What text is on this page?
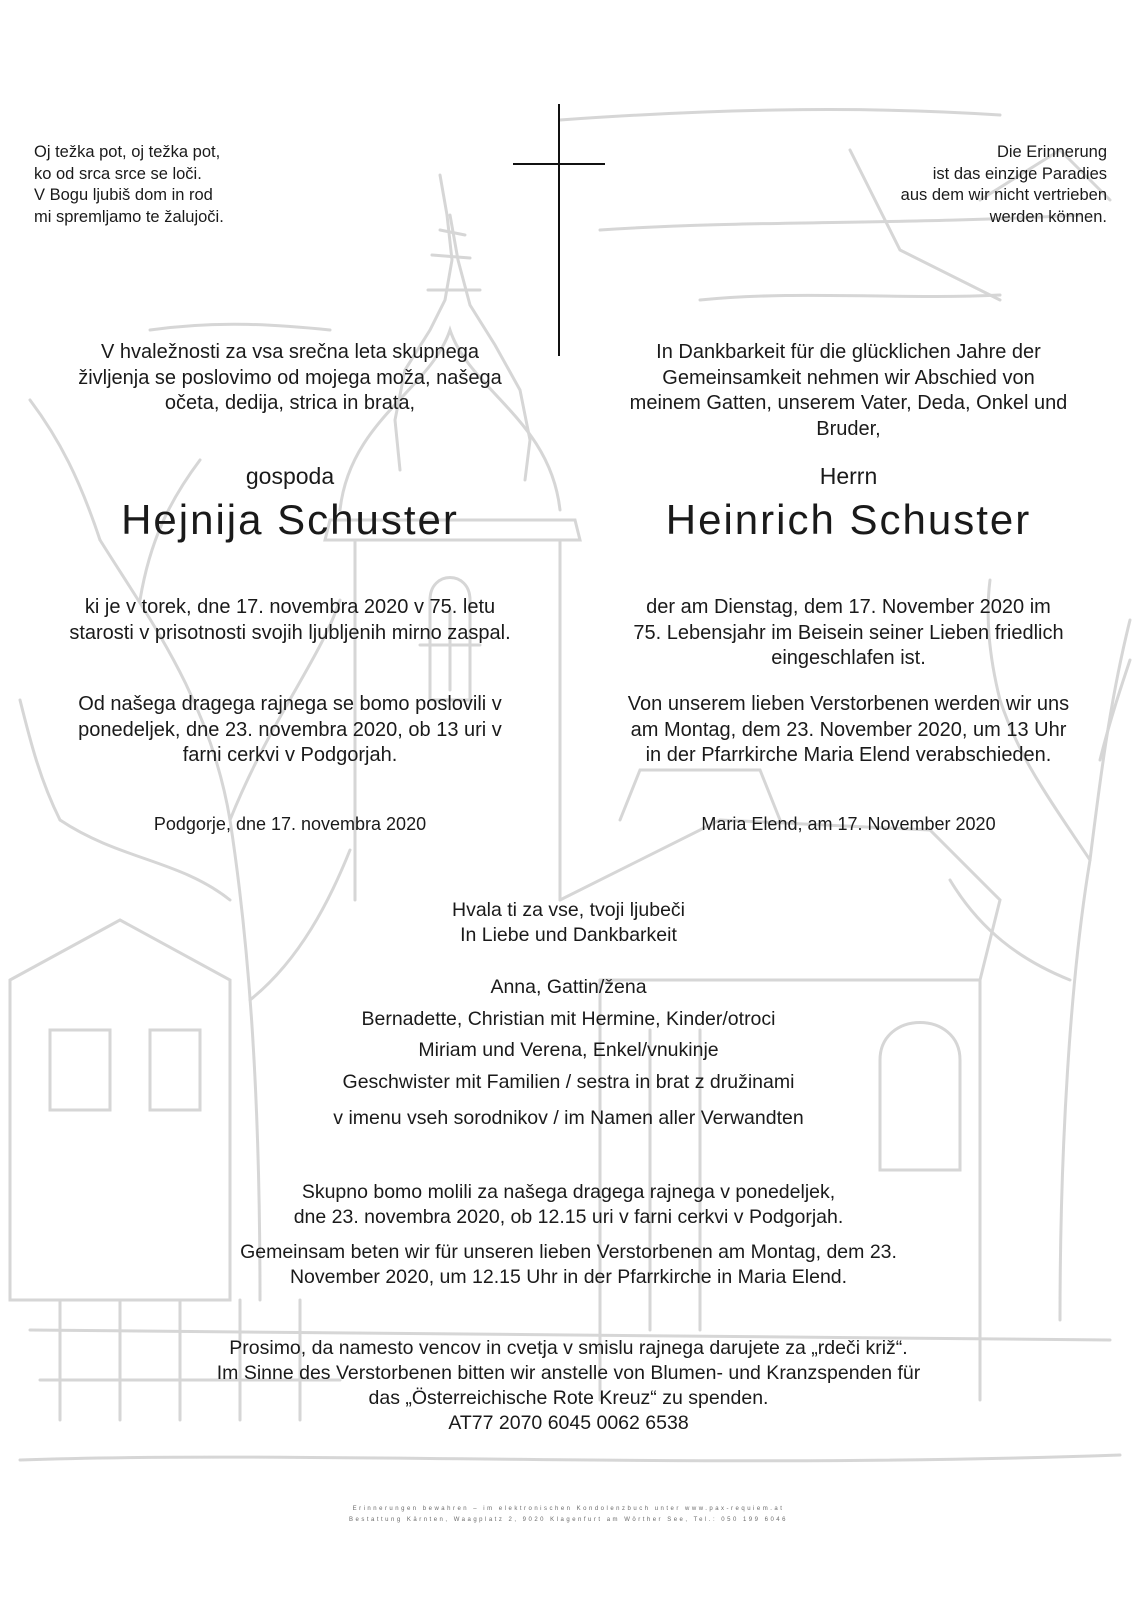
Oj težka pot, oj težka pot,
ko od srca srce se loči.
V Bogu ljubiš dom in rod
mi spremljamo te žalujoči.
Die Erinnerung
ist das einzige Paradies
aus dem wir nicht vertrieben
werden können.
V hvaležnosti za vsa srečna leta skupnega
življenja se poslovimo od mojega moža, našega
očeta, dedija, strica in brata,
gospoda
Hejnija Schuster
ki je v torek, dne 17. novembra 2020 v 75. letu
starosti v prisotnosti svojih ljubljenih mirno zaspal.
Od našega dragega rajnega se bomo poslovili v
ponedeljek, dne 23. novembra 2020, ob 13 uri v
farni cerkvi v Podgorjah.
Podgorje, dne 17. novembra 2020
In Dankbarkeit für die glücklichen Jahre der
Gemeinsamkeit nehmen wir Abschied von
meinem Gatten, unserem Vater, Deda, Onkel und
Bruder,
Herrn
Heinrich Schuster
der am Dienstag, dem 17. November 2020 im
75. Lebensjahr im Beisein seiner Lieben friedlich
eingeschlafen ist.
Von unserem lieben Verstorbenen werden wir uns
am Montag, dem 23. November 2020, um 13 Uhr
in der Pfarrkirche Maria Elend verabschieden.
Maria Elend, am 17. November 2020
Hvala ti za vse, tvoji ljubeči
In Liebe und Dankbarkeit
Anna, Gattin/žena
Bernadette, Christian mit Hermine, Kinder/otroci
Miriam und Verena, Enkel/vnukinje
Geschwister mit Familien / sestra in brat z družinami
v imenu vseh sorodnikov / im Namen aller Verwandten
Skupno bomo molili za našega dragega rajnega v ponedeljek,
dne 23. novembra 2020, ob 12.15 uri v farni cerkvi v Podgorjah.
Gemeinsam beten wir für unseren lieben Verstorbenen am Montag, dem 23.
November 2020, um 12.15 Uhr in der Pfarrkirche in Maria Elend.
Prosimo, da namesto vencov in cvetja v smislu rajnega darujete za „rdeči križ“.
Im Sinne des Verstorbenen bitten wir anstelle von Blumen- und Kranzspenden für
das „Österreichische Rote Kreuz“ zu spenden.
AT77 2070 6045 0062 6538
Erinnerungen bewahren – im elektronischen Kondolenzbuch unter www.pax-requiem.at
Bestattung Kärnten, Waagplatz 2, 9020 Klagenfurt am Wörther See, Tel.: 050 199 6046
